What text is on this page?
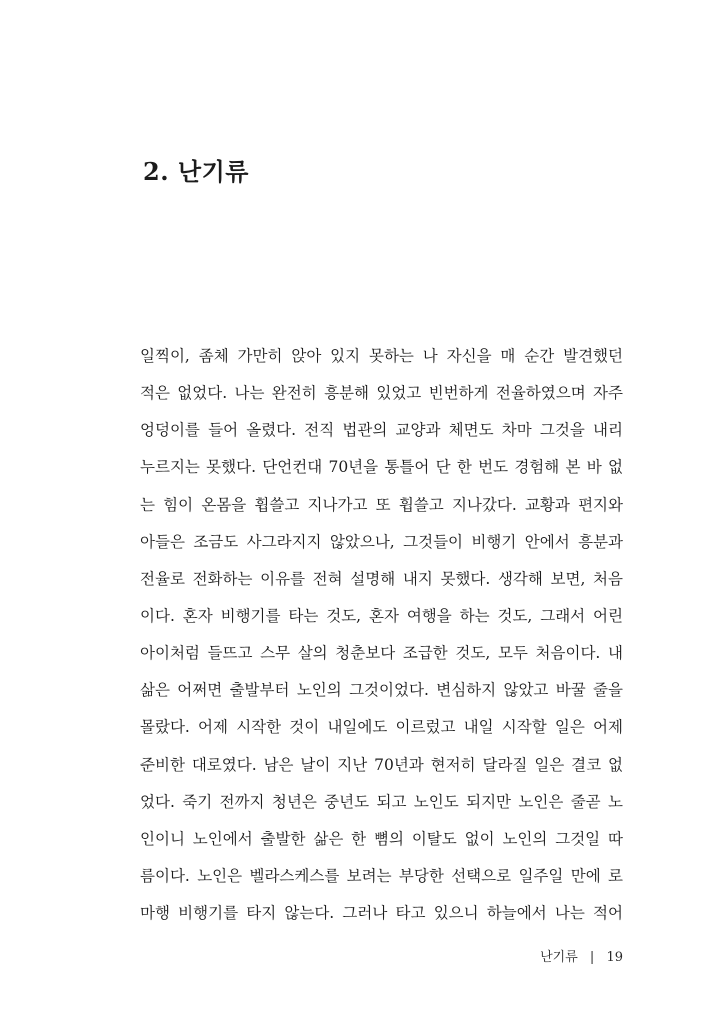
2. 난기류
일찍이, 좀체 가만히 앉아 있지 못하는 나 자신을 매 순간 발견했던
적은 없었다. 나는 완전히 흥분해 있었고 빈번하게 전율하였으며 자주
엉덩이를 들어 올렸다. 전직 법관의 교양과 체면도 차마 그것을 내리
누르지는 못했다. 단언컨대 70년을 통틀어 단 한 번도 경험해 본 바 없
는 힘이 온몸을 휩쓸고 지나가고 또 휩쓸고 지나갔다. 교황과 편지와
아들은 조금도 사그라지지 않았으나, 그것들이 비행기 안에서 흥분과
전율로 전화하는 이유를 전혀 설명해 내지 못했다. 생각해 보면, 처음
이다. 혼자 비행기를 타는 것도, 혼자 여행을 하는 것도, 그래서 어린
아이처럼 들뜨고 스무 살의 청춘보다 조급한 것도, 모두 처음이다. 내
삶은 어쩌면 출발부터 노인의 그것이었다. 변심하지 않았고 바꿀 줄을
몰랐다. 어제 시작한 것이 내일에도 이르렀고 내일 시작할 일은 어제
준비한 대로였다. 남은 날이 지난 70년과 현저히 달라질 일은 결코 없
었다. 죽기 전까지 청년은 중년도 되고 노인도 되지만 노인은 줄곧 노
인이니 노인에서 출발한 삶은 한 뼘의 이탈도 없이 노인의 그것일 따
름이다. 노인은 벨라스케스를 보려는 부당한 선택으로 일주일 만에 로
마행 비행기를 타지 않는다. 그러나 타고 있으니 하늘에서 나는 적어
난기류 | 19
